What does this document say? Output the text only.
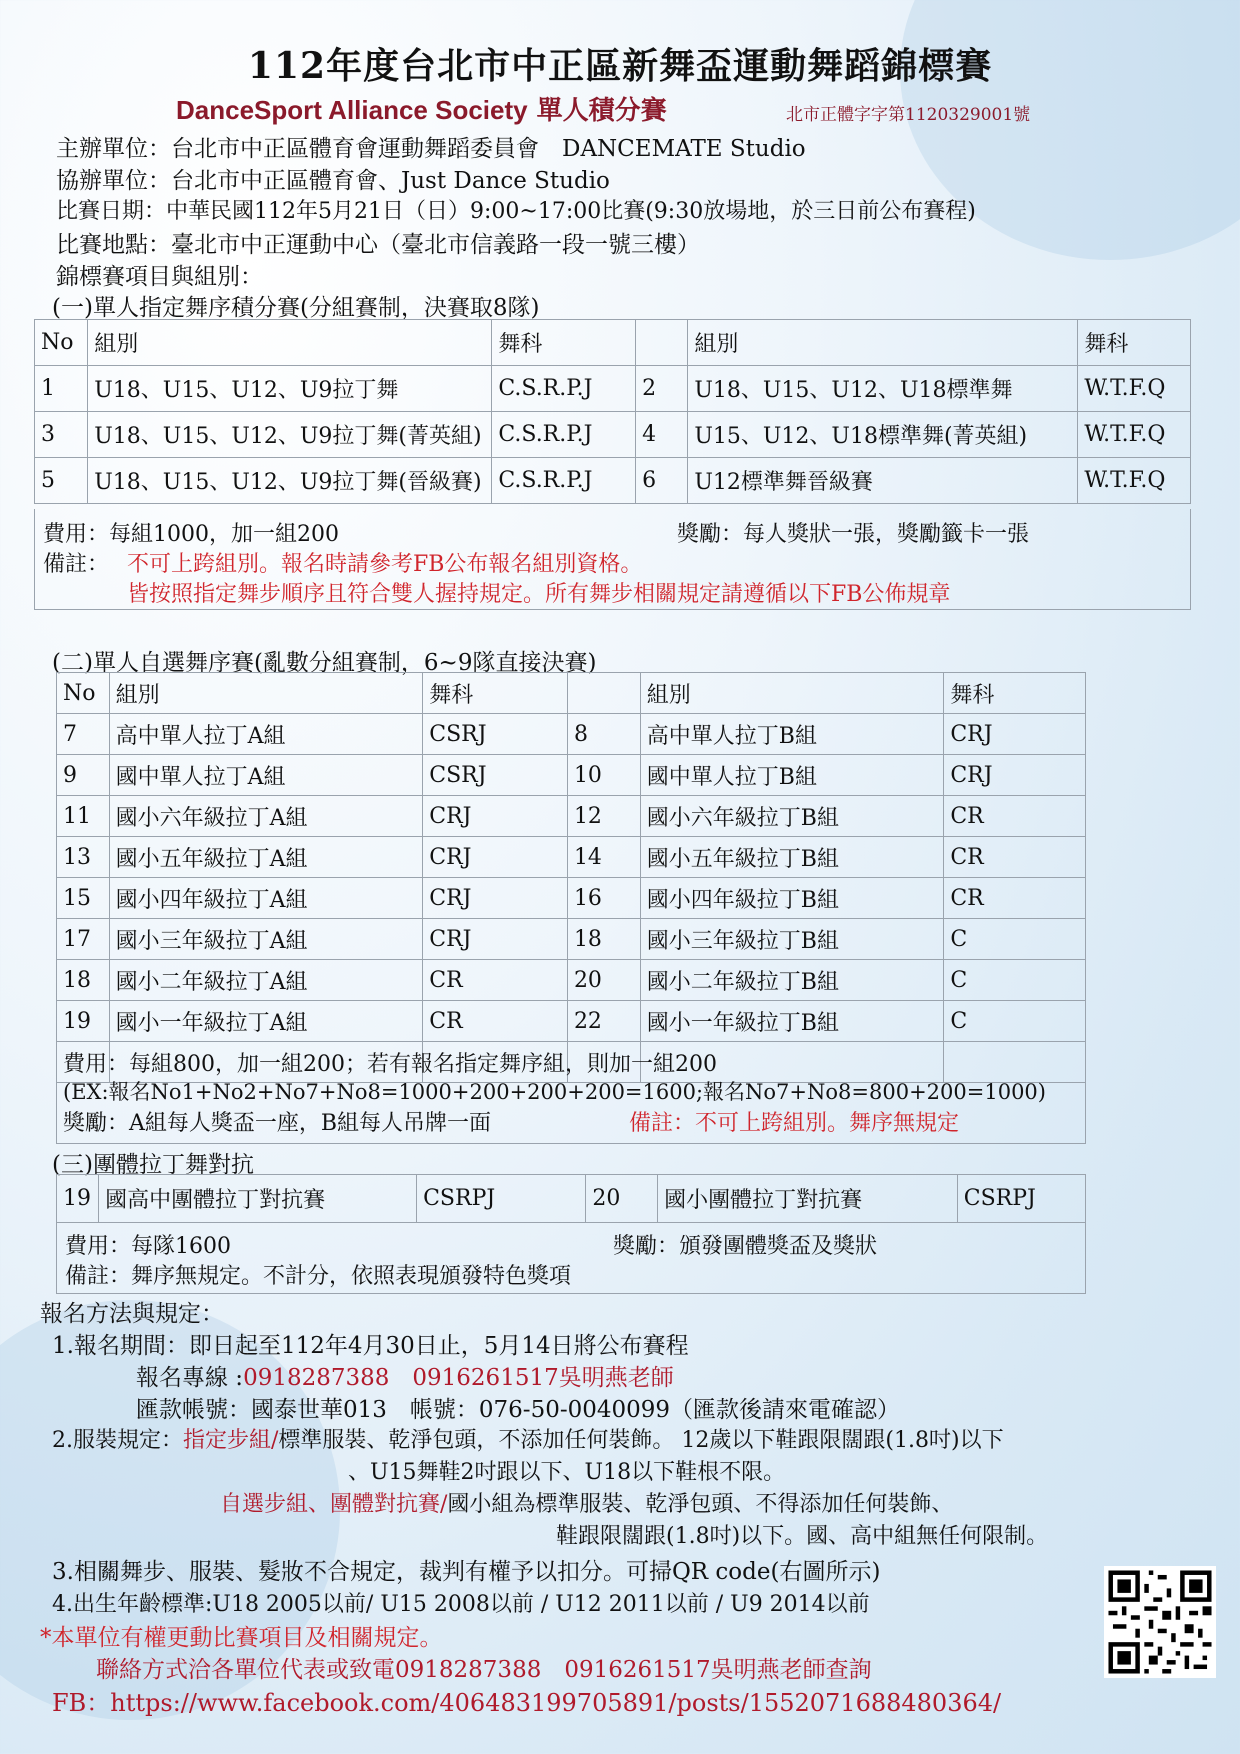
112年度台北市中正區新舞盃運動舞蹈錦標賽
DanceSport Alliance Society 單人積分賽	北市正體字字第1120329001號
主辦單位：台北市中正區體育會運動舞蹈委員會　DANCEMATE Studio
協辦單位：台北市中正區體育會、Just Dance Studio
比賽日期：中華民國112年5月21日（日）9:00~17:00比賽(9:30放場地，於三日前公布賽程)
比賽地點：臺北市中正運動中心（臺北市信義路一段一號三樓）
錦標賽項目與組別：
(一)單人指定舞序積分賽(分組賽制，決賽取8隊)
No	組別	舞科		組別	舞科
1	U18、U15、U12、U9拉丁舞	C.S.R.P.J	2	U18、U15、U12、U18標準舞	W.T.F.Q
3	U18、U15、U12、U9拉丁舞(菁英組)	C.S.R.P.J	4	U15、U12、U18標準舞(菁英組)	W.T.F.Q
5	U18、U15、U12、U9拉丁舞(晉級賽)	C.S.R.P.J	6	U12標準舞晉級賽	W.T.F.Q
費用：每組1000，加一組200	獎勵：每人獎狀一張，獎勵籤卡一張
備註： 不可上跨組別。報名時請參考FB公布報名組別資格。
皆按照指定舞步順序且符合雙人握持規定。所有舞步相關規定請遵循以下FB公佈規章
(二)單人自選舞序賽(亂數分組賽制，6~9隊直接決賽)
No	組別	舞科		組別	舞科
7	高中單人拉丁A組	CSRJ	8	高中單人拉丁B組	CRJ
9	國中單人拉丁A組	CSRJ	10	國中單人拉丁B組	CRJ
11	國小六年級拉丁A組	CRJ	12	國小六年級拉丁B組	CR
13	國小五年級拉丁A組	CRJ	14	國小五年級拉丁B組	CR
15	國小四年級拉丁A組	CRJ	16	國小四年級拉丁B組	CR
17	國小三年級拉丁A組	CRJ	18	國小三年級拉丁B組	C
18	國小二年級拉丁A組	CR	20	國小二年級拉丁B組	C
19	國小一年級拉丁A組	CR	22	國小一年級拉丁B組	C

費用：每組800，加一組200；若有報名指定舞序組，則加一組200
(EX:報名No1+No2+No7+No8=1000+200+200+200=1600;報名No7+No8=800+200=1000)
獎勵：A組每人獎盃一座，B組每人吊牌一面	備註：不可上跨組別。舞序無規定
(三)團體拉丁舞對抗
19	國高中團體拉丁對抗賽	CSRPJ	20	國小團體拉丁對抗賽	CSRPJ
費用：每隊1600	獎勵：頒發團體獎盃及獎狀
備註：舞序無規定。不計分，依照表現頒發特色獎項
報名方法與規定：
1.報名期間：即日起至112年4月30日止，5月14日將公布賽程
報名專線 :0918287388　0916261517吳明燕老師
匯款帳號：國泰世華013　帳號：076-50-0040099（匯款後請來電確認）
2.服裝規定：指定步組/標準服裝、乾淨包頭，不添加任何裝飾。 12歲以下鞋跟限闊跟(1.8吋)以下
、U15舞鞋2吋跟以下、U18以下鞋根不限。
自選步組、團體對抗賽/國小組為標準服裝、乾淨包頭、不得添加任何裝飾、
鞋跟限闊跟(1.8吋)以下。國、高中組無任何限制。
3.相關舞步、服裝、髮妝不合規定，裁判有權予以扣分。可掃QR code(右圖所示)
4.出生年齡標準:U18 2005以前/ U15 2008以前 / U12 2011以前 / U9 2014以前
*本單位有權更動比賽項目及相關規定。
聯絡方式洽各單位代表或致電0918287388　0916261517吳明燕老師查詢
FB：https://www.facebook.com/406483199705891/posts/1552071688480364/
